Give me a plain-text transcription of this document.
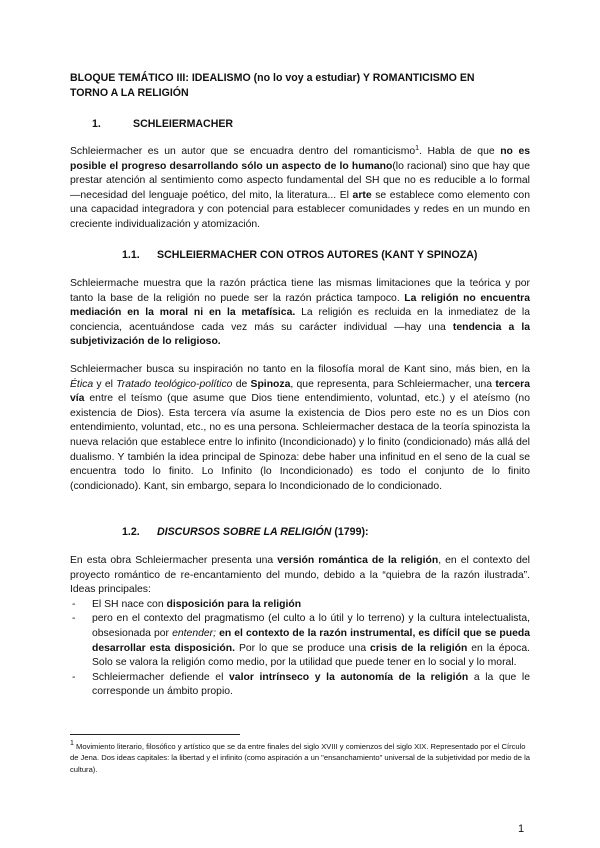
BLOQUE TEMÁTICO III: IDEALISMO (no lo voy a estudiar) Y ROMANTICISMO EN
TORNO A LA RELIGIÓN
1.	SCHLEIERMACHER
Schleiermacher es un autor que se encuadra dentro del romanticismo$^1$. Habla de que no es posible el progreso desarrollando sólo un aspecto de lo humano(lo racional) sino que hay que prestar atención al sentimiento como aspecto fundamental del SH que no es reducible a lo formal —necesidad del lenguaje poético, del mito, la literatura... El arte se establece como elemento con una capacidad integradora y con potencial para establecer comunidades y redes en un mundo en creciente individualización y atomización.
1.1. SCHLEIERMACHER CON OTROS AUTORES (KANT Y SPINOZA)
Schleiermache muestra que la razón práctica tiene las mismas limitaciones que la teórica y por tanto la base de la religión no puede ser la razón práctica tampoco. La religión no encuentra mediación en la moral ni en la metafísica. La religión es recluida en la inmediatez de la conciencia, acentuándose cada vez más su carácter individual —hay una tendencia a la subjetivización de lo religioso.
Schleiermacher busca su inspiración no tanto en la filosofía moral de Kant sino, más bien, en la Ética y el Tratado teológico-político de Spinoza, que representa, para Schleiermacher, una tercera vía entre el teísmo (que asume que Dios tiene entendimiento, voluntad, etc.) y el ateísmo (no existencia de Dios). Esta tercera vía asume la existencia de Dios pero este no es un Dios con entendimiento, voluntad, etc., no es una persona. Schleiermacher destaca de la teoría spinozista la nueva relación que establece entre lo infinito (Incondicionado) y lo finito (condicionado) más allá del dualismo. Y también la idea principal de Spinoza: debe haber una infinitud en el seno de la cual se encuentra todo lo finito. Lo Infinito (lo Incondicionado) es todo el conjunto de lo finito (condicionado). Kant, sin embargo, separa lo Incondicionado de lo condicionado.
1.2. DISCURSOS SOBRE LA RELIGIÓN (1799):
En esta obra Schleiermacher presenta una versión romántica de la religión, en el contexto del proyecto romántico de re-encantamiento del mundo, debido a la “quiebra de la razón ilustrada”. Ideas principales:
- El SH nace con disposición para la religión
- pero en el contexto del pragmatismo (el culto a lo útil y lo terreno) y la cultura intelectualista, obsesionada por entender; en el contexto de la razón instrumental, es difícil que se pueda desarrollar esta disposición. Por lo que se produce una crisis de la religión en la época. Solo se valora la religión como medio, por la utilidad que puede tener en lo social y lo moral.
- Schleiermacher defiende el valor intrínseco y la autonomía de la religión a la que le corresponde un ámbito propio.
$^1$ Movimiento literario, filosófico y artístico que se da entre finales del siglo XVIII y comienzos del siglo XIX. Representado por el Círculo de Jena. Dos ideas capitales: la libertad y el infinito (como aspiración a un "ensanchamiento" universal de la subjetividad por medio de la cultura).
1
